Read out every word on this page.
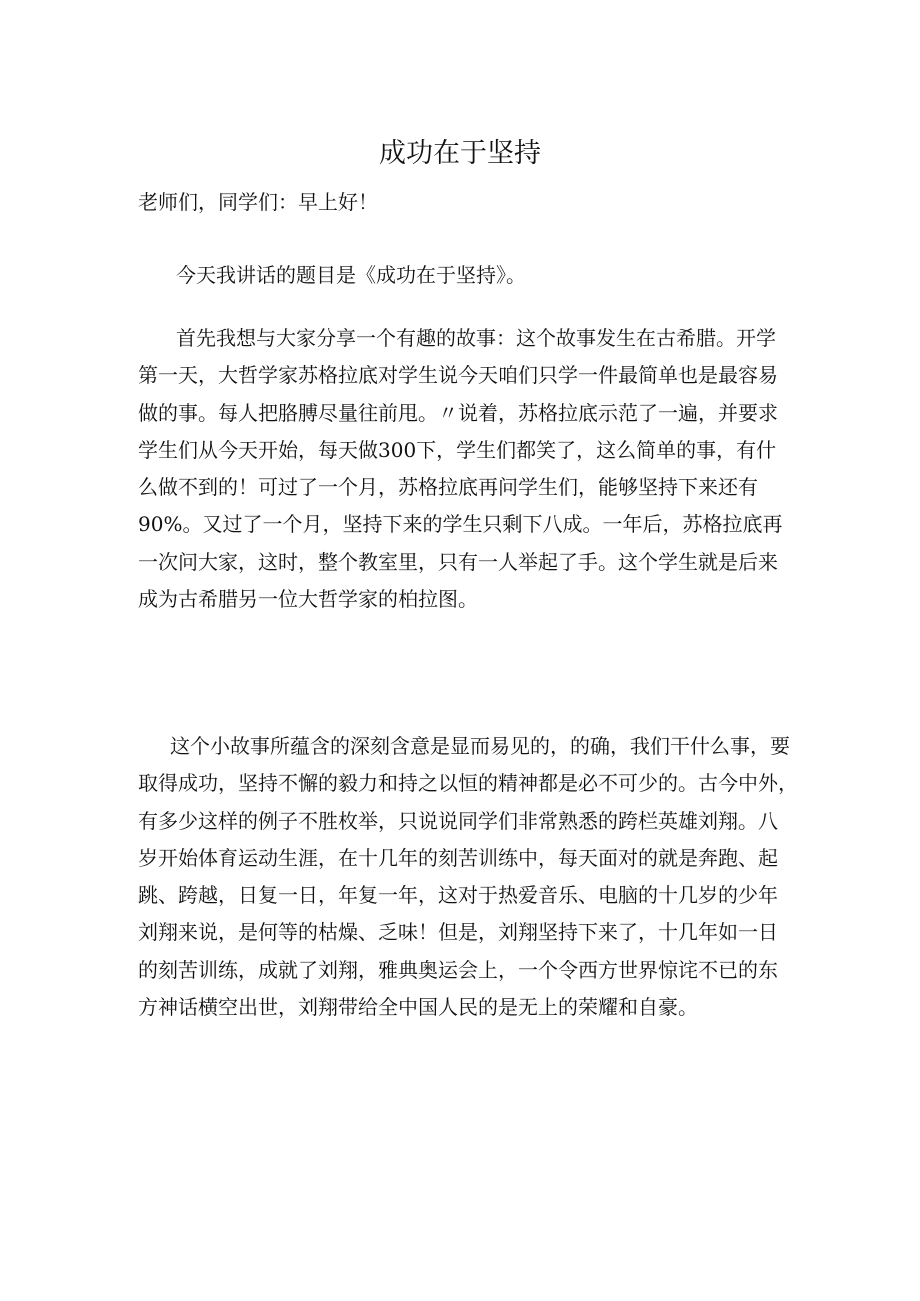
成功在于坚持
老师们，同学们：早上好！
今天我讲话的题目是《成功在于坚持》。
首先我想与大家分享一个有趣的故事：这个故事发生在古希腊。开学
第一天，大哲学家苏格拉底对学生说今天咱们只学一件最简单也是最容易
做的事。每人把胳膊尽量往前甩。〃说着，苏格拉底示范了一遍，并要求
学生们从今天开始，每天做300下，学生们都笑了，这么简单的事，有什
么做不到的！可过了一个月，苏格拉底再问学生们，能够坚持下来还有
90%。又过了一个月，坚持下来的学生只剩下八成。一年后，苏格拉底再
一次问大家，这时，整个教室里，只有一人举起了手。这个学生就是后来
成为古希腊另一位大哲学家的柏拉图。
这个小故事所蕴含的深刻含意是显而易见的，的确，我们干什么事，要
取得成功，坚持不懈的毅力和持之以恒的精神都是必不可少的。古今中外，
有多少这样的例子不胜枚举，只说说同学们非常熟悉的跨栏英雄刘翔。八
岁开始体育运动生涯，在十几年的刻苦训练中，每天面对的就是奔跑、起
跳、跨越，日复一日，年复一年，这对于热爱音乐、电脑的十几岁的少年
刘翔来说，是何等的枯燥、乏味！但是，刘翔坚持下来了，十几年如一日
的刻苦训练，成就了刘翔，雅典奥运会上，一个令西方世界惊诧不已的东
方神话横空出世，刘翔带给全中国人民的是无上的荣耀和自豪。
